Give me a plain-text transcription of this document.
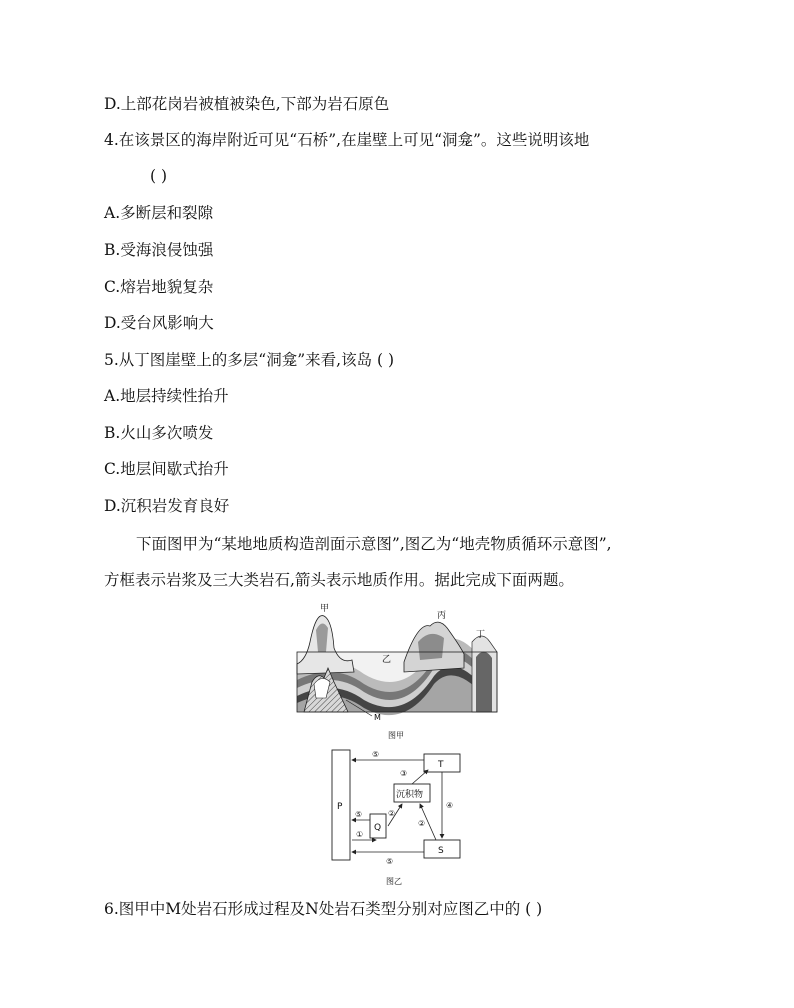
D.上部花岗岩被植被染色,下部为岩石原色
4.在该景区的海岸附近可见“石桥”,在崖壁上可见“洞龛”。这些说明该地
( )
A.多断层和裂隙
B.受海浪侵蚀强
C.熔岩地貌复杂
D.受台风影响大
5.从丁图崖壁上的多层“洞龛”来看,该岛 ( )
A.地层持续性抬升
B.火山多次喷发
C.地层间歇式抬升
D.沉积岩发育良好
下面图甲为“某地地质构造剖面示意图”,图乙为“地壳物质循环示意图”,
方框表示岩浆及三大类岩石,箭头表示地质作用。据此完成下面两题。
甲
丙
丁
乙
M
图甲
P
T
沉积物
Q
S
⑤
③
④
⑤	②
②
①
⑤
图乙
6.图甲中M处岩石形成过程及N处岩石类型分别对应图乙中的 ( )
